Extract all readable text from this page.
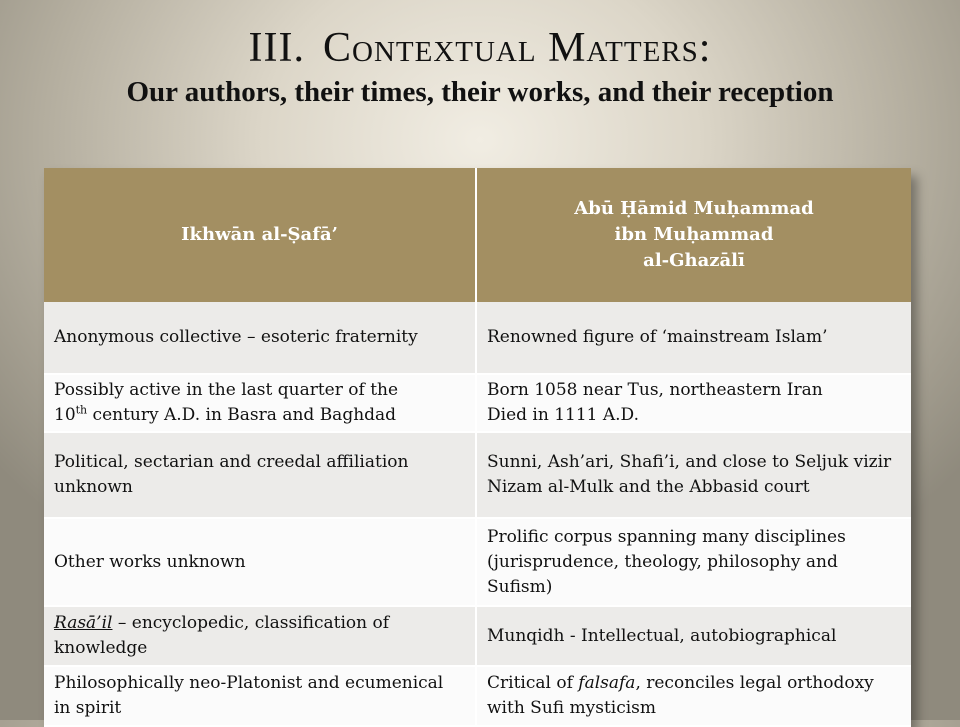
III. Contextual Matters:
Our authors, their times, their works, and their reception
Ikhwān al-Ṣafā’	Abū Ḥāmid Muḥammad
ibn Muḥammad
al-Ghazālī
Anonymous collective – esoteric fraternity	Renowned figure of ‘mainstream Islam’
Possibly active in the last quarter of the
10th century A.D. in Basra and Baghdad	Born 1058 near Tus, northeastern Iran
Died in 1111 A.D.
Political, sectarian and creedal affiliation unknown	Sunni, Ash’ari, Shafi’i, and close to Seljuk vizir Nizam al-Mulk and the Abbasid court
Other works unknown	Prolific corpus spanning many disciplines (jurisprudence, theology, philosophy and Sufism)
Rasā’il – encyclopedic, classification of knowledge	Munqidh - Intellectual, autobiographical
Philosophically neo-Platonist and ecumenical in spirit	Critical of falsafa, reconciles legal orthodoxy with Sufi mysticism
